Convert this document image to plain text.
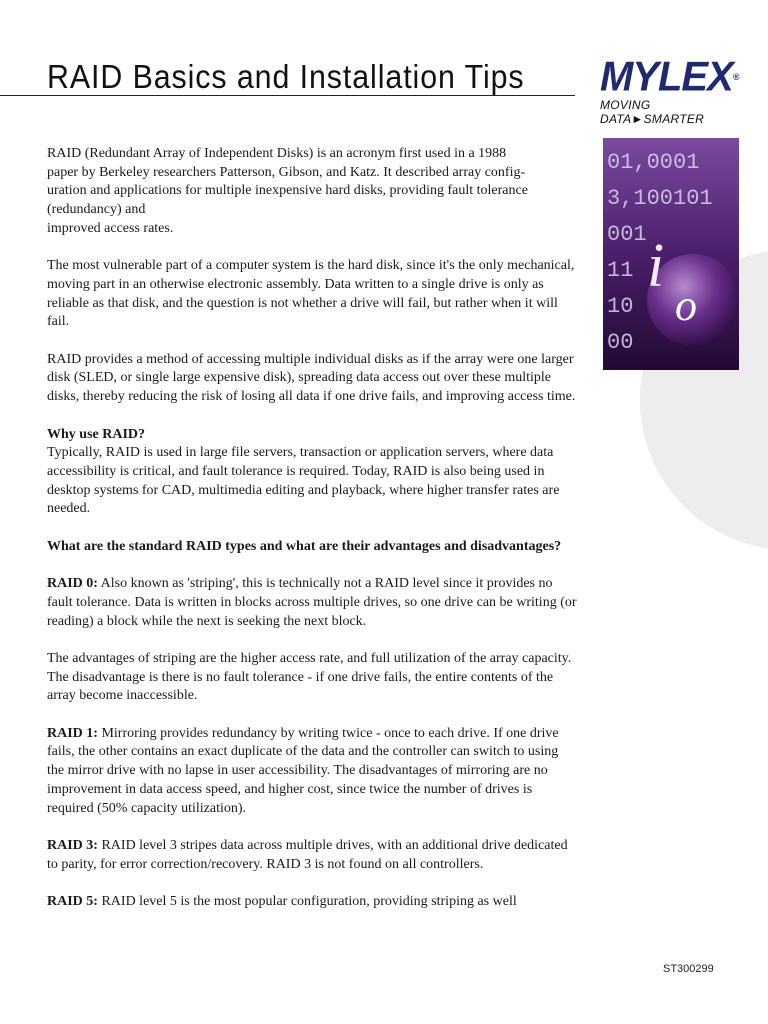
RAID Basics and Installation Tips MYLEX®
MOVING DATA►SMARTER
01,0001
3,100101
001
11
10
00
i
o

RAID (Redundant Array of Independent Disks) is an acronym first used in a 1988
paper by Berkeley researchers Patterson, Gibson, and Katz. It described array config-
uration and applications for multiple inexpensive hard disks, providing fault tolerance
(redundancy) and
improved access rates.

The most vulnerable part of a computer system is the hard disk, since it's the only mechanical, moving part in an otherwise electronic assembly. Data written to a single drive is only as reliable as that disk, and the question is not whether a drive will fail, but rather when it will fail.

RAID provides a method of accessing multiple individual disks as if the array were one larger disk (SLED, or single large expensive disk), spreading data access out over these multiple disks, thereby reducing the risk of losing all data if one drive fails, and improving access time.

Why use RAID?
Typically, RAID is used in large file servers, transaction or application servers, where data accessibility is critical, and fault tolerance is required. Today, RAID is also being used in desktop systems for CAD, multimedia editing and playback, where higher transfer rates are needed.

What are the standard RAID types and what are their advantages and disadvantages?

RAID 0: Also known as 'striping', this is technically not a RAID level since it provides no fault tolerance. Data is written in blocks across multiple drives, so one drive can be writing (or reading) a block while the next is seeking the next block.

The advantages of striping are the higher access rate, and full utilization of the array capacity. The disadvantage is there is no fault tolerance - if one drive fails, the entire contents of the array become inaccessible.

RAID 1: Mirroring provides redundancy by writing twice - once to each drive. If one drive fails, the other contains an exact duplicate of the data and the controller can switch to using the mirror drive with no lapse in user accessibility. The disadvantages of mirroring are no improvement in data access speed, and higher cost, since twice the number of drives is required (50% capacity utilization).

RAID 3: RAID level 3 stripes data across multiple drives, with an additional drive dedicated to parity, for error correction/recovery. RAID 3 is not found on all controllers.

RAID 5: RAID level 5 is the most popular configuration, providing striping as well

ST300299
